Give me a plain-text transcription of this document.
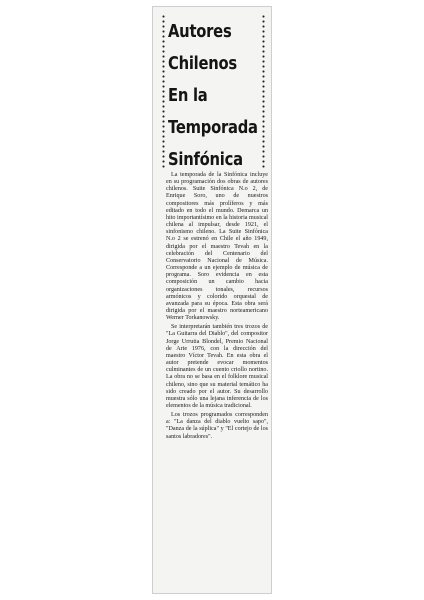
Autores
Chilenos
En la
Temporada
Sinfónica

La temporada de la Sinfónica incluye en su programación dos obras de autores chilenos. Suite Sinfónica N.o 2, de Enrique Soro, uno de nuestros compositores más prolíferos y más editado en todo el mundo. Demarca un hito importantísimo en la historia musical chilena al impulsar, desde 1921, el sinfonismo chileno. La Suite Sinfónica N.o 2 se estrenó en Chile el año 1949, dirigida por el maestro Tevah en la celebración del Centenario del Conservatorio Nacional de Música. Corresponde a un ejemplo de música de programa. Soro evidencia en esta composición un cambio hacia organizaciones tonales, recursos armónicos y colorido orquestal de avanzada para su época. Esta obra será dirigida por el maestro norteamericano Werner Torkanowsky.

Se interpretarán también tres trozos de "La Guitarra del Diablo", del compositor Jorge Urrutia Blondel, Premio Nacional de Arte 1976, con la dirección del maestro Víctor Tevah. En esta obra el autor pretende evocar momentos culminantes de un cuento criollo nortino. La obra no se basa en el folklore musical chileno, sino que su material temático ha sido creado por el autor. Su desarrollo muestra sólo una lejana inferencia de los elementos de la música tradicional.

Los trozos programados corresponden a: "La danza del diablo vuelto sapo", "Danza de la súplica" y "El cortejo de los santos labradores".
